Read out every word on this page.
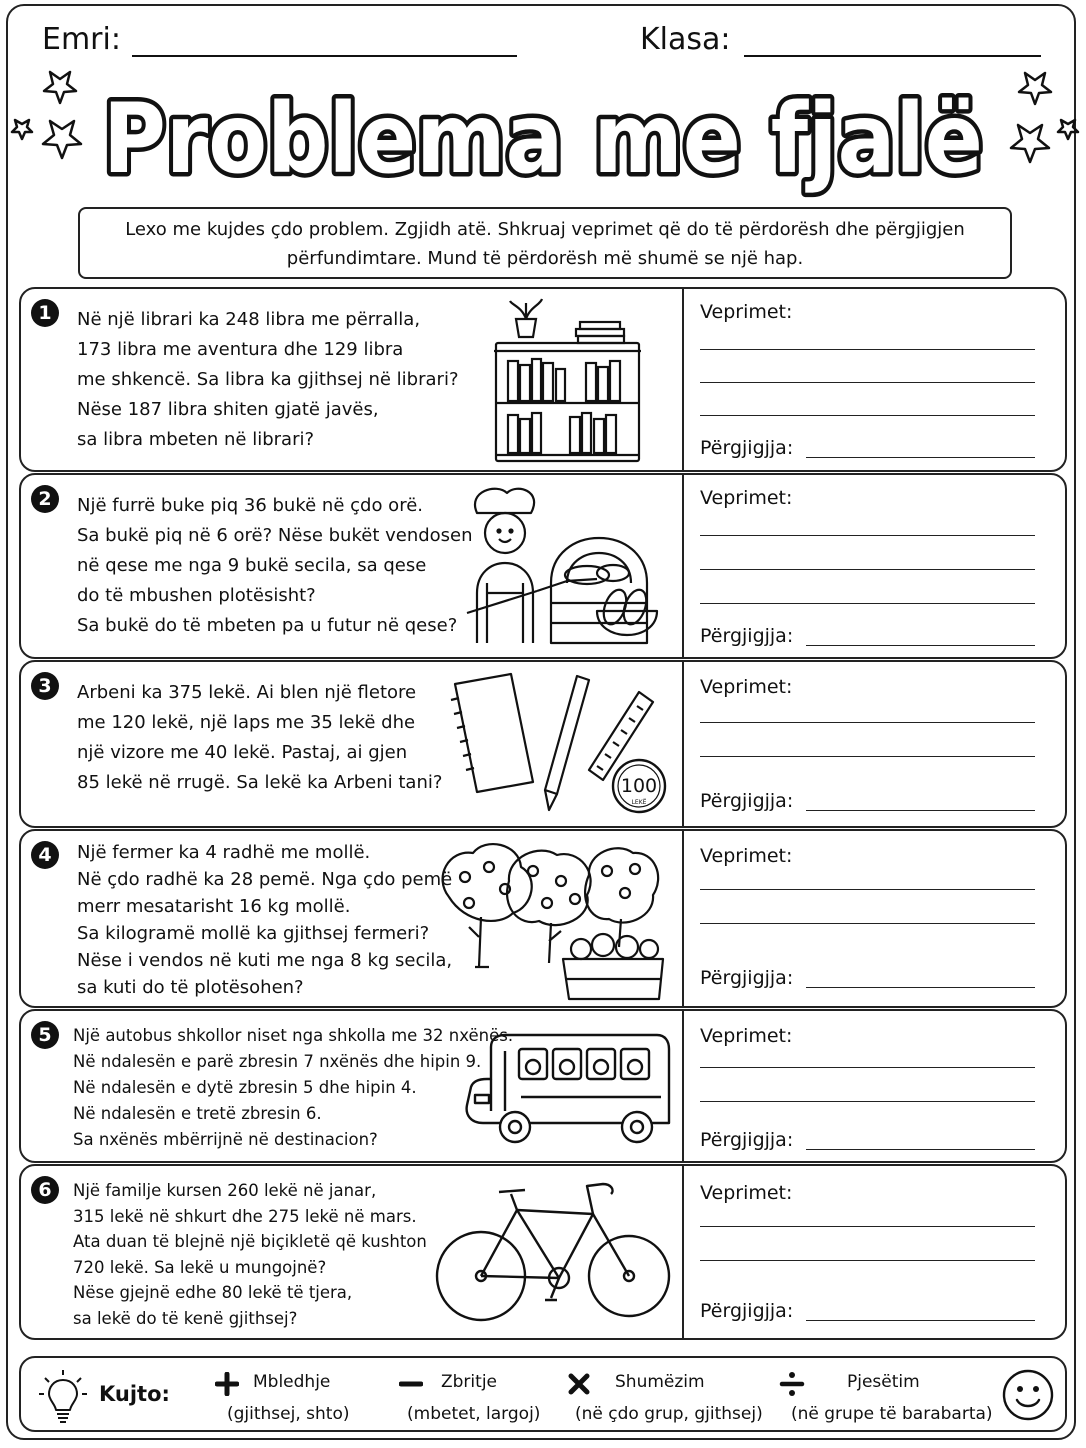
Emri:	Klasa:
Problema me fjalë
Lexo me kujdes çdo problem. Zgjidh atë. Shkruaj veprimet që do të përdorësh dhe përgjigjen
përfundimtare. Mund të përdorësh më shumë se një hap.
1	Në një librari ka 248 libra me përralla,
173 libra me aventura dhe 129 libra
me shkencë. Sa libra ka gjithsej në librari?
Nëse 187 libra shiten gjatë javës,
sa libra mbeten në librari?
Veprimet:
Përgjigjja:
2	Një furrë buke piq 36 bukë në çdo orë.
Sa bukë piq në 6 orë? Nëse bukët vendosen
në qese me nga 9 bukë secila, sa qese
do të mbushen plotësisht?
Sa bukë do të mbeten pa u futur në qese?
Veprimet:
Përgjigjja:
3	Arbeni ka 375 lekë. Ai blen një fletore
me 120 lekë, një laps me 35 lekë dhe
një vizore me 40 lekë. Pastaj, ai gjen
85 lekë në rrugë. Sa lekë ka Arbeni tani?	100
LEKË
Veprimet:
Përgjigjja:
4	Një fermer ka 4 radhë me mollë.
Në çdo radhë ka 28 pemë. Nga çdo pemë
merr mesatarisht 16 kg mollë.
Sa kilogramë mollë ka gjithsej fermeri?
Nëse i vendos në kuti me nga 8 kg secila,
sa kuti do të plotësohen?
Veprimet:
Përgjigjja:
5	Një autobus shkollor niset nga shkolla me 32 nxënës.
Në ndalesën e parë zbresin 7 nxënës dhe hipin 9.
Në ndalesën e dytë zbresin 5 dhe hipin 4.
Në ndalesën e tretë zbresin 6.
Sa nxënës mbërrijnë në destinacion?
Veprimet:
Përgjigjja:
6	Një familje kursen 260 lekë në janar,
315 lekë në shkurt dhe 275 lekë në mars.
Ata duan të blejnë një biçikletë që kushton
720 lekë. Sa lekë u mungojnë?
Nëse gjejnë edhe 80 lekë të tjera,
sa lekë do të kenë gjithsej?
Veprimet:
Përgjigjja:
Kujto:	Mbledhje
(gjithsej, shto)
Zbritje
(mbetet, largoj)
Shumëzim
(në çdo grup, gjithsej)
Pjesëtim
(në grupe të barabarta)
